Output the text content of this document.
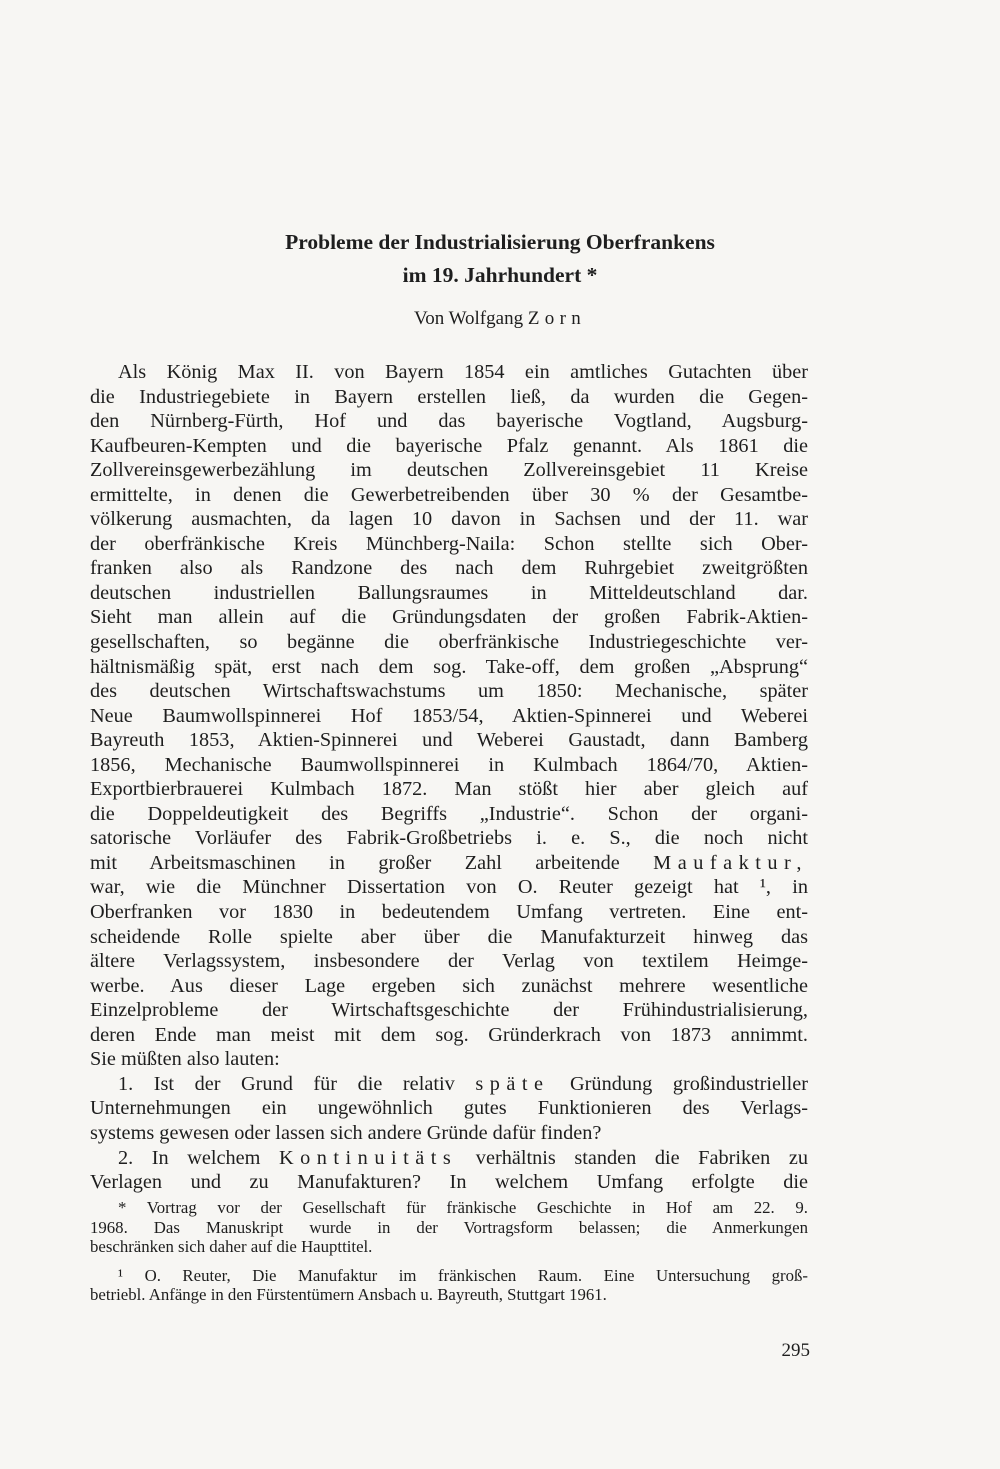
Probleme der Industrialisierung Oberfrankens
im 19. Jahrhundert *
Von Wolfgang Zorn
Als König Max II. von Bayern 1854 ein amtliches Gutachten über
die Industriegebiete in Bayern erstellen ließ, da wurden die Gegen-
den Nürnberg-Fürth, Hof und das bayerische Vogtland, Augsburg-
Kaufbeuren-Kempten und die bayerische Pfalz genannt. Als 1861 die
Zollvereinsgewerbezählung im deutschen Zollvereinsgebiet 11 Kreise
ermittelte, in denen die Gewerbetreibenden über 30 % der Gesamtbe-
völkerung ausmachten, da lagen 10 davon in Sachsen und der 11. war
der oberfränkische Kreis Münchberg-Naila: Schon stellte sich Ober-
franken also als Randzone des nach dem Ruhrgebiet zweitgrößten
deutschen industriellen Ballungsraumes in Mitteldeutschland dar.
Sieht man allein auf die Gründungsdaten der großen Fabrik-Aktien-
gesellschaften, so begänne die oberfränkische Industriegeschichte ver-
hältnismäßig spät, erst nach dem sog. Take-off, dem großen „Absprung“
des deutschen Wirtschaftswachstums um 1850: Mechanische, später
Neue Baumwollspinnerei Hof 1853/54, Aktien-Spinnerei und Weberei
Bayreuth 1853, Aktien-Spinnerei und Weberei Gaustadt, dann Bamberg
1856, Mechanische Baumwollspinnerei in Kulmbach 1864/70, Aktien-
Exportbierbrauerei Kulmbach 1872. Man stößt hier aber gleich auf
die Doppeldeutigkeit des Begriffs „Industrie“. Schon der organi-
satorische Vorläufer des Fabrik-Großbetriebs i. e. S., die noch nicht
mit Arbeitsmaschinen in großer Zahl arbeitende Maufaktur,
war, wie die Münchner Dissertation von O. Reuter gezeigt hat ¹, in
Oberfranken vor 1830 in bedeutendem Umfang vertreten. Eine ent-
scheidende Rolle spielte aber über die Manufakturzeit hinweg das
ältere Verlagssystem, insbesondere der Verlag von textilem Heimge-
werbe. Aus dieser Lage ergeben sich zunächst mehrere wesentliche
Einzelprobleme der Wirtschaftsgeschichte der Frühindustrialisierung,
deren Ende man meist mit dem sog. Gründerkrach von 1873 annimmt.
Sie müßten also lauten:
1. Ist der Grund für die relativ späte Gründung großindustrieller
Unternehmungen ein ungewöhnlich gutes Funktionieren des Verlags-
systems gewesen oder lassen sich andere Gründe dafür finden?
2. In welchem Kontinuitäts verhältnis standen die Fabriken zu
Verlagen und zu Manufakturen? In welchem Umfang erfolgte die
* Vortrag vor der Gesellschaft für fränkische Geschichte in Hof am 22. 9.
1968. Das Manuskript wurde in der Vortragsform belassen; die Anmerkungen
beschränken sich daher auf die Haupttitel.
¹ O. Reuter, Die Manufaktur im fränkischen Raum. Eine Untersuchung groß-
betriebl. Anfänge in den Fürstentümern Ansbach u. Bayreuth, Stuttgart 1961.
295
